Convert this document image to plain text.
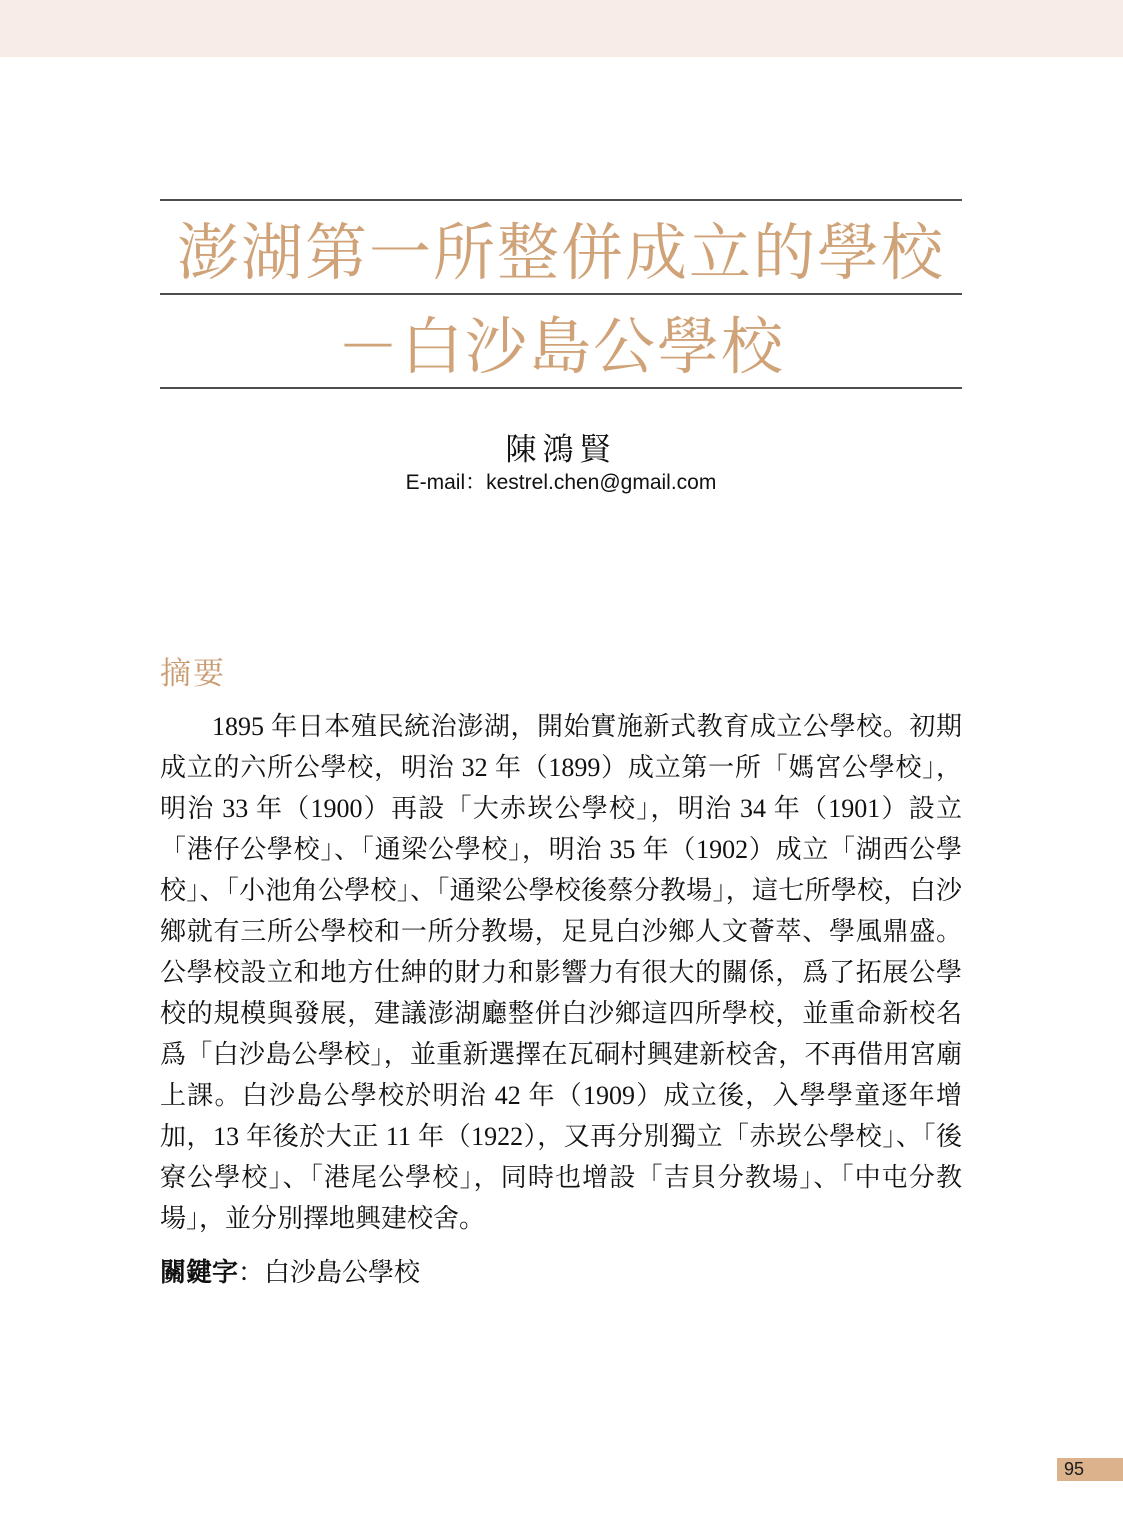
澎湖第一所整併成立的學校
－白沙島公學校
陳鴻賢
E-mail：kestrel.chen@gmail.com
摘要

1895 年日本殖民統治澎湖，開始實施新式教育成立公學校。初期成立的六所公學校，明治 32 年（1899）成立第一所「媽宮公學校」，明治 33 年（1900）再設「大赤崁公學校」，明治 34 年（1901）設立「港仔公學校」、「通梁公學校」，明治 35 年（1902）成立「湖西公學校」、「小池角公學校」、「通梁公學校後蔡分教場」，這七所學校，白沙鄉就有三所公學校和一所分教場，足見白沙鄉人文薈萃、學風鼎盛。公學校設立和地方仕紳的財力和影響力有很大的關係，爲了拓展公學校的規模與發展，建議澎湖廳整併白沙鄉這四所學校，並重命新校名爲「白沙島公學校」，並重新選擇在瓦硐村興建新校舍，不再借用宮廟上課。白沙島公學校於明治 42 年（1909）成立後，入學學童逐年增加，13 年後於大正 11 年（1922），又再分別獨立「赤崁公學校」、「後寮公學校」、「港尾公學校」，同時也增設「吉貝分教場」、「中屯分教場」，並分別擇地興建校舍。

關鍵字：白沙島公學校

95
